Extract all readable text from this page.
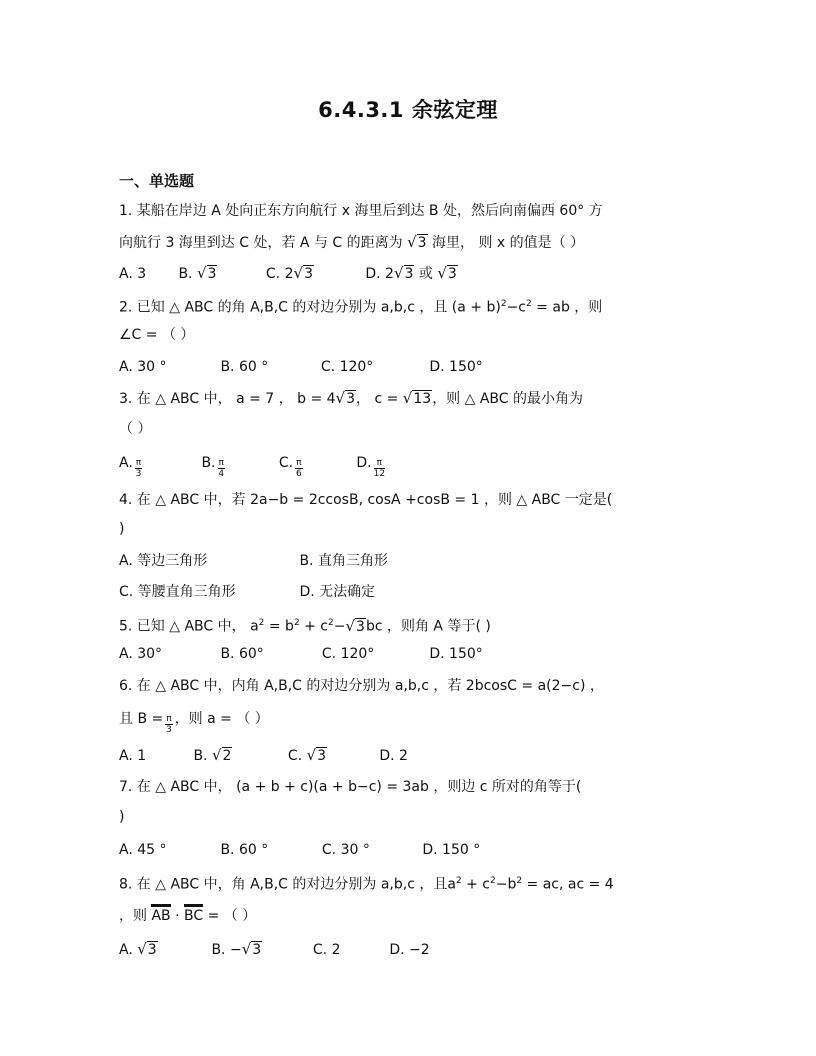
6.4.3.1 余弦定理
一、单选题
1. 某船在岸边 A 处向正东方向航行 x 海里后到达 B 处，然后向南偏西 60° 方
向航行 3 海里到达 C 处，若 A 与 C 的距离为 √3 海里， 则 x 的值是（ ）
A. 3 B. √3	C. 2√3	D. 2√3 或 √3
2. 已知 △ ABC 的角 A,B,C 的对边分别为 a,b,c ，且 $(a + b)^2-c^2$ = ab ，则
∠C = （ ）
A. 30 °	B. 60 °	C. 120°	D. 150°
3. 在 △ ABC 中， a = 7 ， b = 4√3， c = √13，则 △ ABC 的最小角为
（ ）
A. $\frac{\pi}{3}$	B. $\frac{\pi}{4}$	C. $\frac{\pi}{6}$	D. $\frac{\pi}{12}$
4. 在 △ ABC 中，若 2a−b = 2ccosB, cosA +cosB = 1 ，则 △ ABC 一定是(
)
A. 等边三角形	B. 直角三角形
C. 等腰直角三角形	D. 无法确定
5. 已知 △ ABC 中， $a^2 = b^2 + c^2-√3bc$ ，则角 A 等于( )
A. 30°	B. 60°	C. 120°	D. 150°
6. 在 △ ABC 中，内角 A,B,C 的对边分别为 a,b,c ，若 2bcosC = a(2−c) ，
且 $B = \frac{\pi}{3}$ ，则 a = （ ）
A. 1	B. √2	C. √3	D. 2
7. 在 △ ABC 中， (a + b + c)(a + b−c) = 3ab ，则边 c 所对的角等于(
)
A. 45 °	B. 60 °	C. 30 °	D. 150 °
8. 在 △ ABC 中，角 A,B,C 的对边分别为 a,b,c ，且$a^2 + c^2-b^2$ = ac, ac = 4
，则 AB · BC = （ ）
A. √3	B. −√3	C. 2	D. −2
